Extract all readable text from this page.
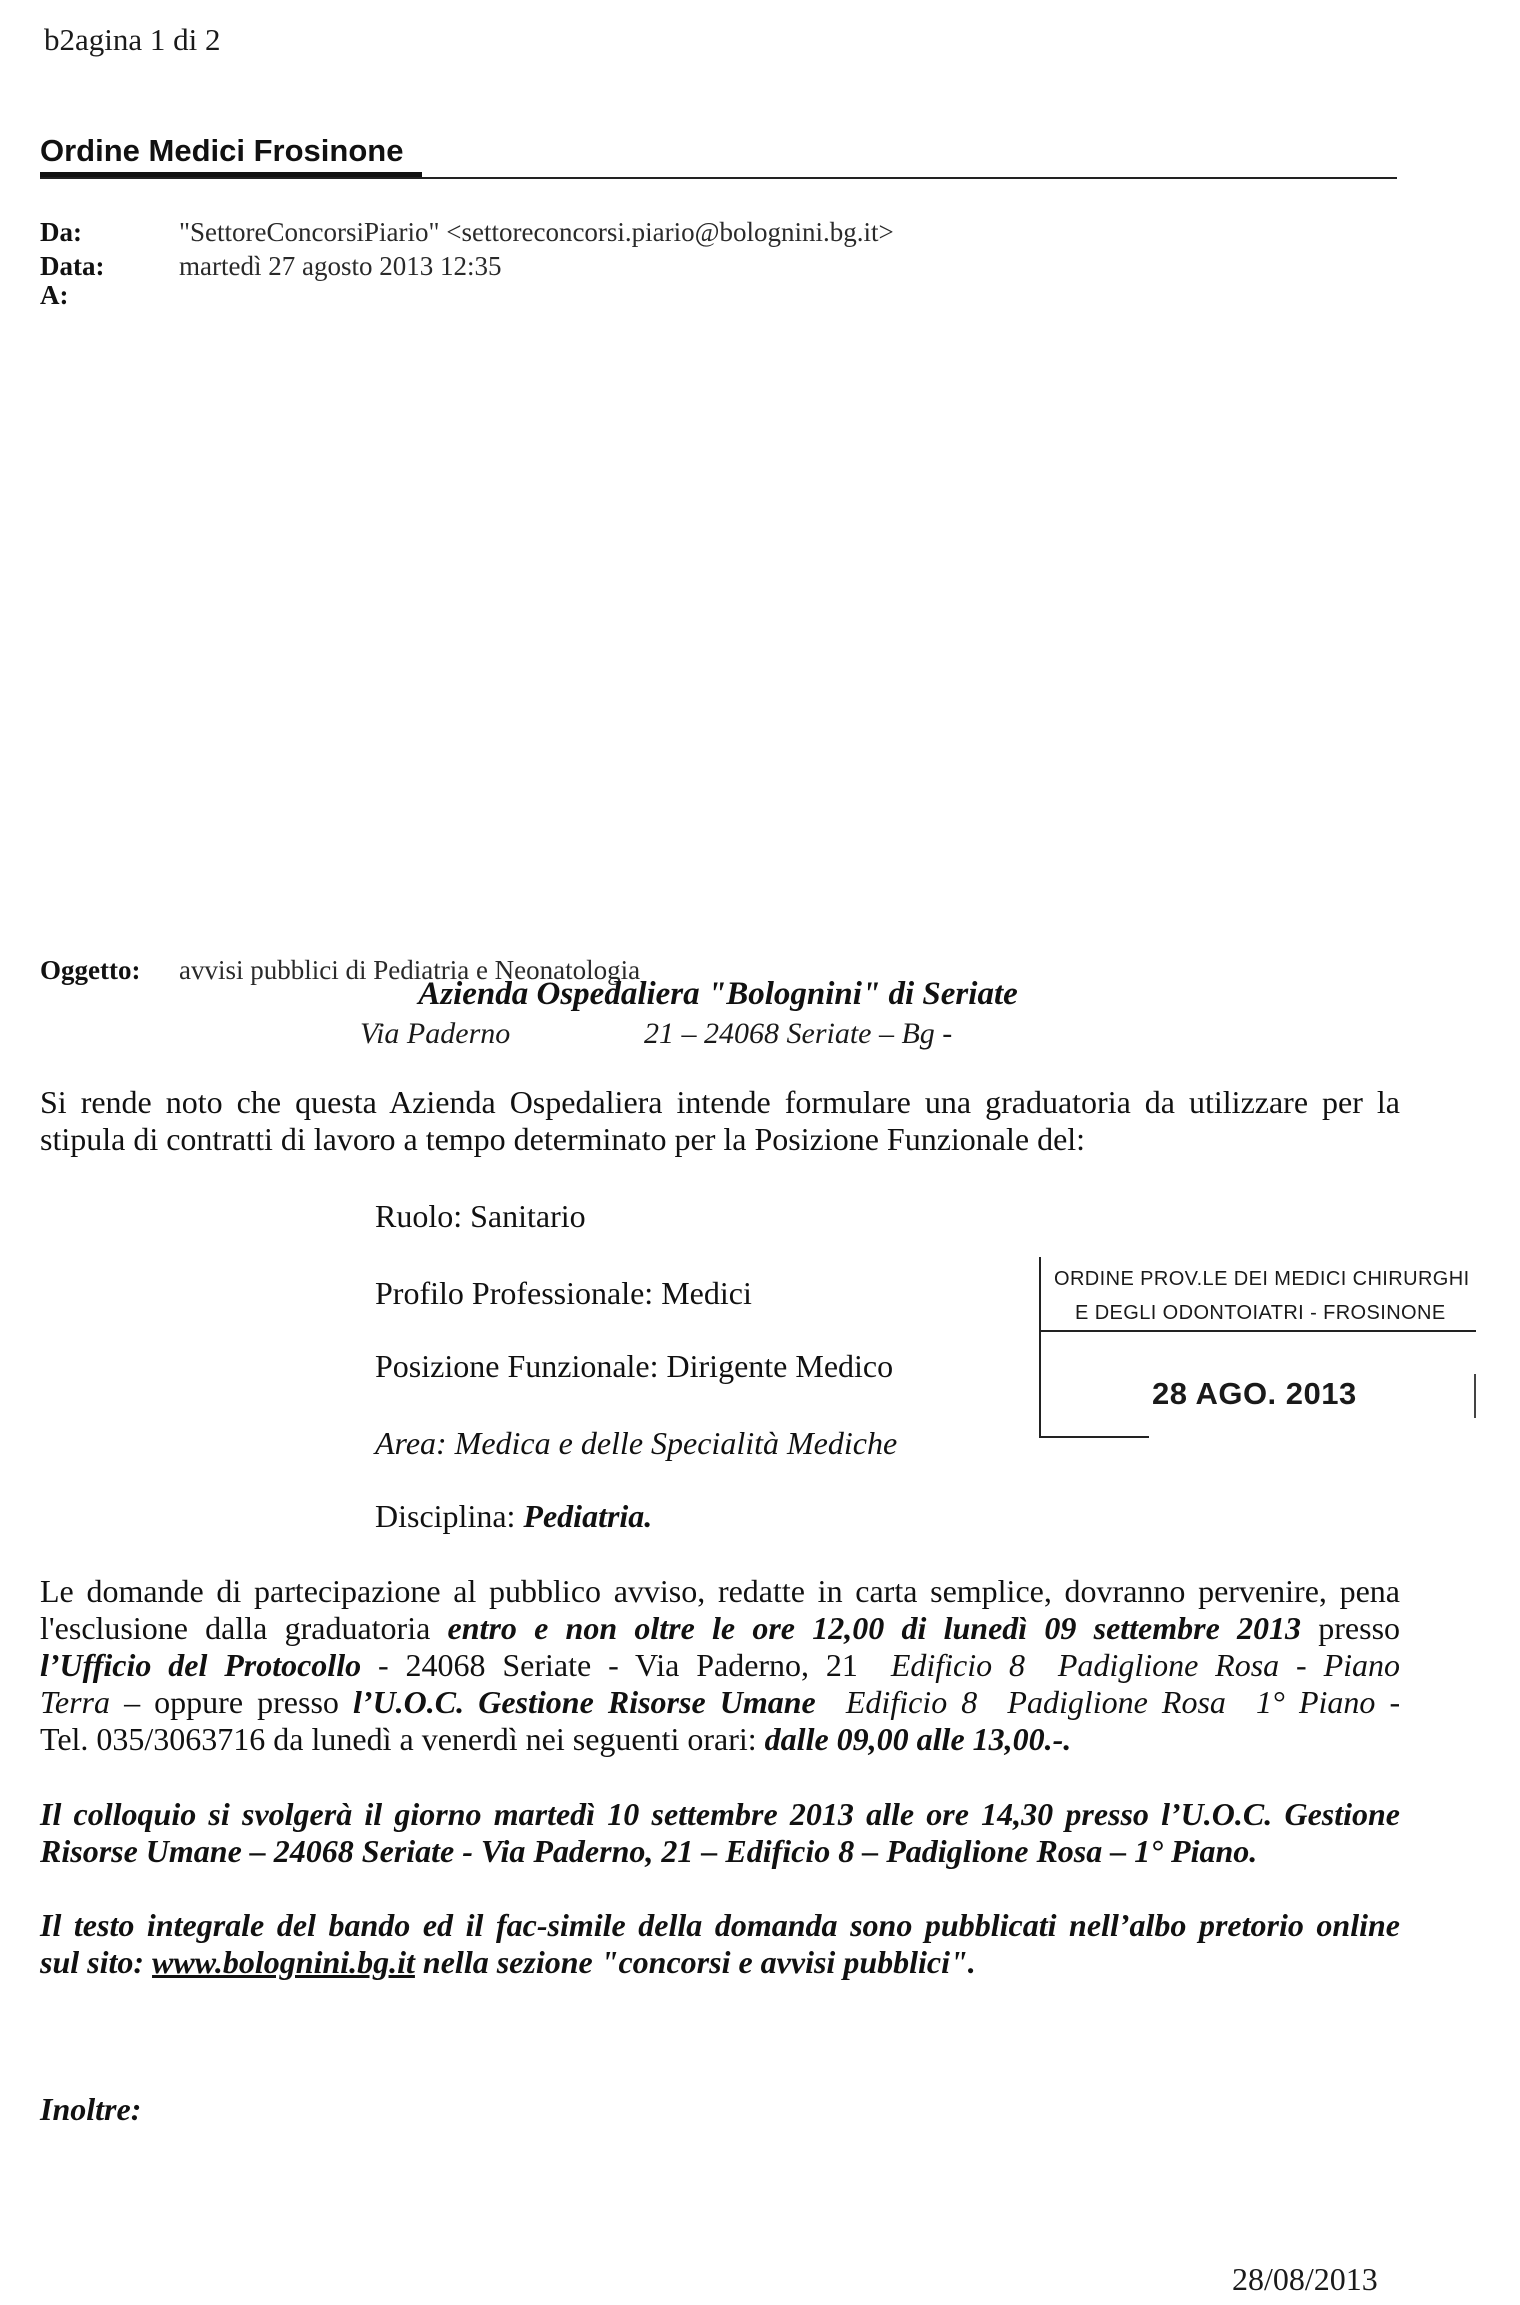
b2agina 1 di 2
Ordine Medici Frosinone
Da:	"SettoreConcorsiPiario" <settoreconcorsi.piario@bolognini.bg.it>
Data:	martedì 27 agosto 2013 12:35
A:
Oggetto: avvisi pubblici di Pediatria e Neonatologia
Azienda Ospedaliera "Bolognini" di Seriate
Via Paderno	21 – 24068 Seriate – Bg -
Si rende noto che questa Azienda Ospedaliera intende formulare una graduatoria da utilizzare per la
stipula di contratti di lavoro a tempo determinato per la Posizione Funzionale del:
Ruolo: Sanitario
Profilo Professionale: Medici
Posizione Funzionale: Dirigente Medico
Area: Medica e delle Specialità Mediche
Disciplina: Pediatria.
ORDINE PROV.LE DEI MEDICI CHIRURGHI
E DEGLI ODONTOIATRI - FROSINONE
28 AGO. 2013
Le domande di partecipazione al pubblico avviso, redatte in carta semplice, dovranno pervenire, pena
l'esclusione dalla graduatoria entro e non oltre le ore 12,00 di lunedì 09 settembre 2013 presso
l’Ufficio del Protocollo - 24068 Seriate - Via Paderno, 21 Edificio 8 Padiglione Rosa - Piano
Terra – oppure presso l’U.O.C. Gestione Risorse Umane Edificio 8 Padiglione Rosa 1° Piano -
Tel. 035/3063716 da lunedì a venerdì nei seguenti orari: dalle 09,00 alle 13,00.-.
Il colloquio si svolgerà il giorno martedì 10 settembre 2013 alle ore 14,30 presso l’U.O.C. Gestione
Risorse Umane – 24068 Seriate - Via Paderno, 21 – Edificio 8 – Padiglione Rosa – 1° Piano.
Il testo integrale del bando ed il fac-simile della domanda sono pubblicati nell’albo pretorio online
sul sito: www.bolognini.bg.it nella sezione "concorsi e avvisi pubblici".
Inoltre:
28/08/2013
